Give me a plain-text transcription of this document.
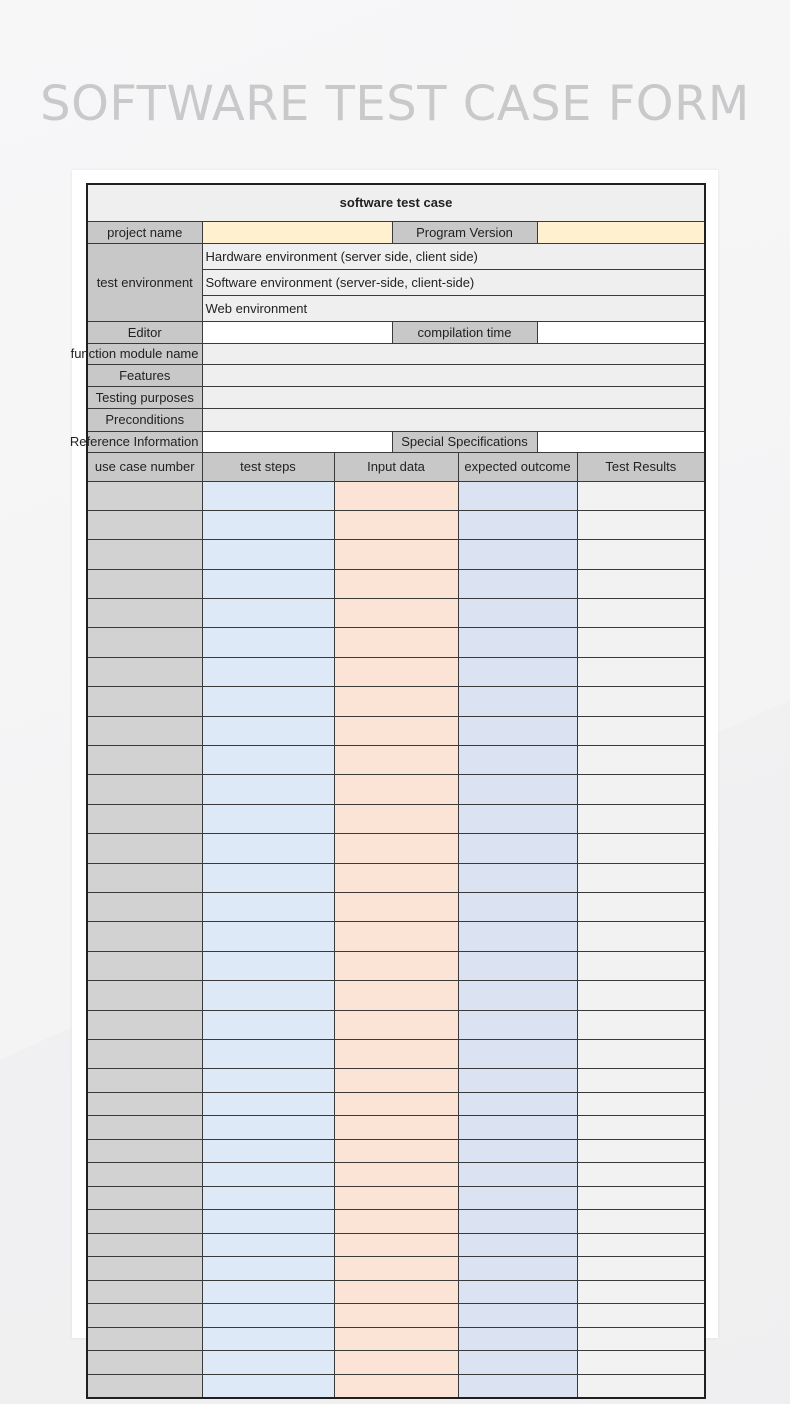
SOFTWARE TEST CASE FORM
software test case						
project name			Program Version			
test environment	Hardware environment (server side, client side)					
	Software environment (server-side, client-side)					
	Web environment					
Editor			compilation time			
function module name						
Features						
Testing purposes						
Preconditions						
Reference Information			Special Specifications			
use case number	test steps	Input data		expected outcome		Test Results
